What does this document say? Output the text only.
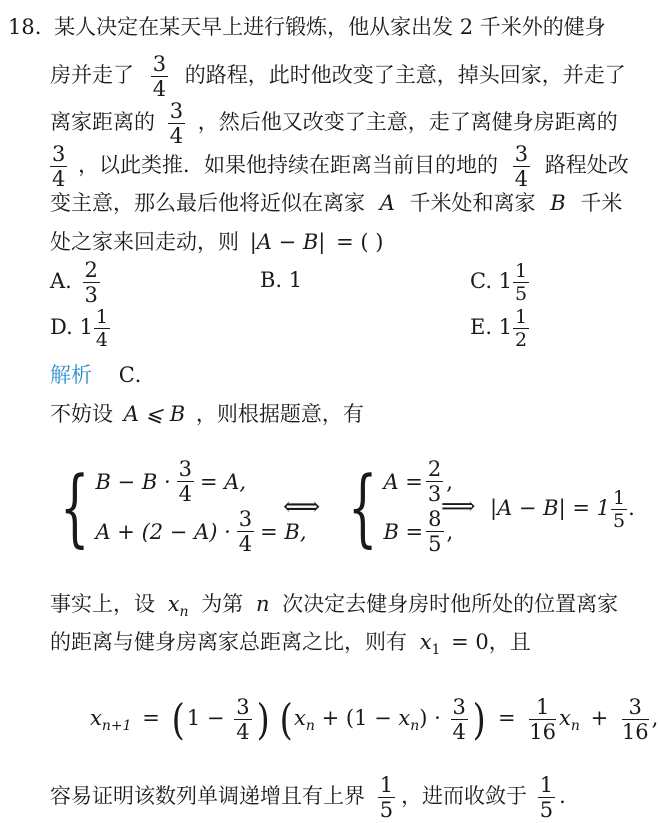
18. 某人决定在某天早上进行锻炼，他从家出发 2 千米外的健身
房并走了 $\frac{3}{4}$ 的路程，此时他改变了主意，掉头回家，并走了
离家距离的 $\frac{3}{4}$ ，然后他又改变了主意，走了离健身房距离的
$\frac{3}{4}$ ，以此类推．如果他持续在距离当前目的地的 $\frac{3}{4}$ 路程处改
变主意，那么最后他将近似在离家 A 千米处和离家 B 千米
处之家来回走动，则 |A − B| = ( )
A. $\frac{2}{3}$	B. 1	C. $1 \frac{1}{5}$
D. $1 \frac{1}{4}$	E. $1 \frac{1}{2}$
解析 C．
不妨设 A ⩽ B ，则根据题意，有
{ $B - B \cdot \frac{3}{4} = A$,
$A + (2 - A) \cdot \frac{3}{4} = B$,
⟺ { $A = \frac{2}{3}$ ,
$B = \frac{8}{5}$ ,
⟹ $|A - B| = 1 \frac{1}{5}$ .
事实上，设 $x_n$ 为第 n 次决定去健身房时他所处的位置离家
的距离与健身房离家总距离之比，则有 $x_1 = 0$，且
$x_{n+1} = (1 - \frac{3}{4}$ ) ($x_n + (1 - x_n) \cdot \frac{3}{4}$ ) = $\frac{1}{16} x_n + \frac{3}{16}$ ,
容易证明该数列单调递增且有上界 $\frac{1}{5}$ ，进而收敛于 $\frac{1}{5}$ .
